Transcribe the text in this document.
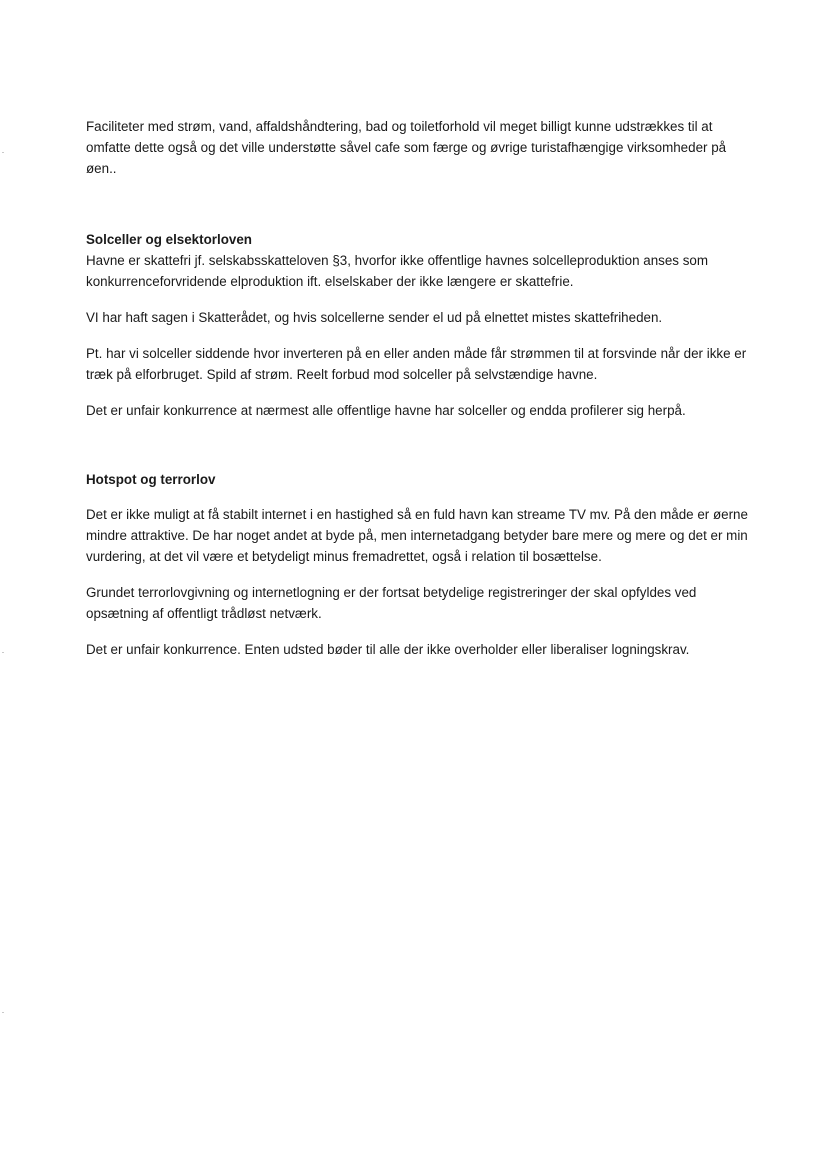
Faciliteter med strøm, vand, affaldshåndtering, bad og toiletforhold vil meget billigt kunne udstrækkes til at omfatte dette også og det ville understøtte såvel cafe som færge og øvrige turistafhængige virksomheder på øen..

Solceller og elsektorloven

Havne er skattefri jf. selskabsskatteloven §3, hvorfor ikke offentlige havnes solcelleproduktion anses som konkurrenceforvridende elproduktion ift. elselskaber der ikke længere er skattefrie.

VI har haft sagen i Skatterådet, og hvis solcellerne sender el ud på elnettet mistes skattefriheden.

Pt. har vi solceller siddende hvor inverteren på en eller anden måde får strømmen til at forsvinde når der ikke er træk på elforbruget. Spild af strøm. Reelt forbud mod solceller på selvstændige havne.

Det er unfair konkurrence at nærmest alle offentlige havne har solceller og endda profilerer sig herpå.

Hotspot og terrorlov

Det er ikke muligt at få stabilt internet i en hastighed så en fuld havn kan streame TV mv. På den måde er øerne mindre attraktive. De har noget andet at byde på, men internetadgang betyder bare mere og mere og det er min vurdering, at det vil være et betydeligt minus fremadrettet, også i relation til bosættelse.

Grundet terrorlovgivning og internetlogning er der fortsat betydelige registreringer der skal opfyldes ved opsætning af offentligt trådløst netværk.

Det er unfair konkurrence. Enten udsted bøder til alle der ikke overholder eller liberaliser logningskrav.
